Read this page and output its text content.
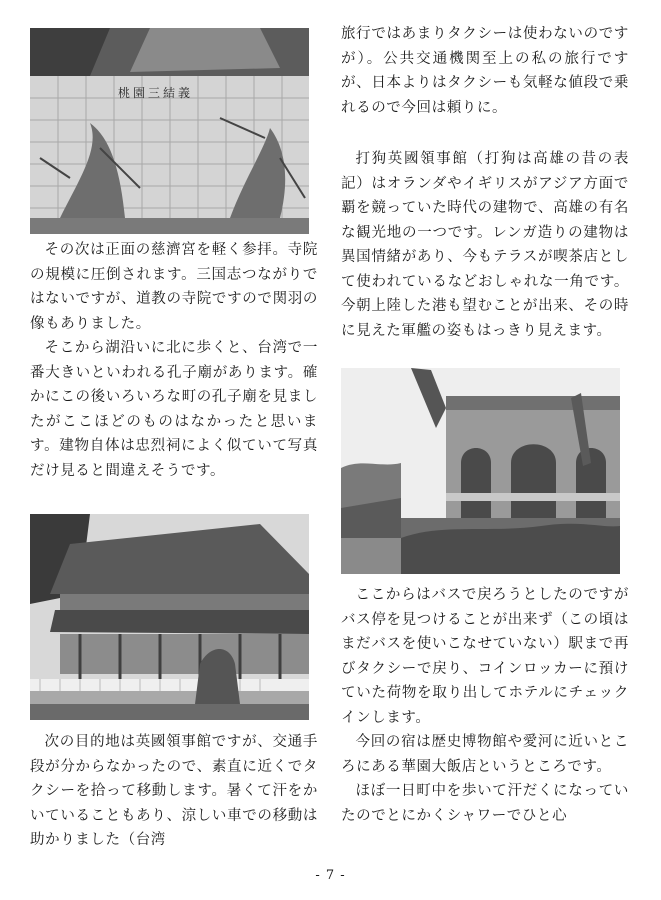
桃園三結義

その次は正面の慈濟宮を軽く参拝。寺院の規模に圧倒されます。三国志つながりではないですが、道教の寺院ですので関羽の像もありました。

そこから湖沿いに北に歩くと、台湾で一番大きいといわれる孔子廟があります。確かにこの後いろいろな町の孔子廟を見ましたがここほどのものはなかったと思います。建物自体は忠烈祠によく似ていて写真だけ見ると間違えそうです。

次の目的地は英國領事館ですが、交通手段が分からなかったので、素直に近くでタクシーを拾って移動します。暑くて汗をかいていることもあり、涼しい車での移動は助かりました（台湾

旅行ではあまりタクシーは使わないのですが）。公共交通機関至上の私の旅行ですが、日本よりはタクシーも気軽な値段で乗れるので今回は頼りに。

打狗英國領事館（打狗は高雄の昔の表記）はオランダやイギリスがアジア方面で覇を競っていた時代の建物で、高雄の有名な観光地の一つです。レンガ造りの建物は異国情緒があり、今もテラスが喫茶店として使われているなどおしゃれな一角です。今朝上陸した港も望むことが出来、その時に見えた軍艦の姿もはっきり見えます。

ここからはバスで戻ろうとしたのですがバス停を見つけることが出来ず（この頃はまだバスを使いこなせていない）駅まで再びタクシーで戻り、コインロッカーに預けていた荷物を取り出してホテルにチェックインします。

今回の宿は歴史博物館や愛河に近いところにある華園大飯店というところです。

ほぼ一日町中を歩いて汗だくになっていたのでとにかくシャワーでひと心

- 7 -
